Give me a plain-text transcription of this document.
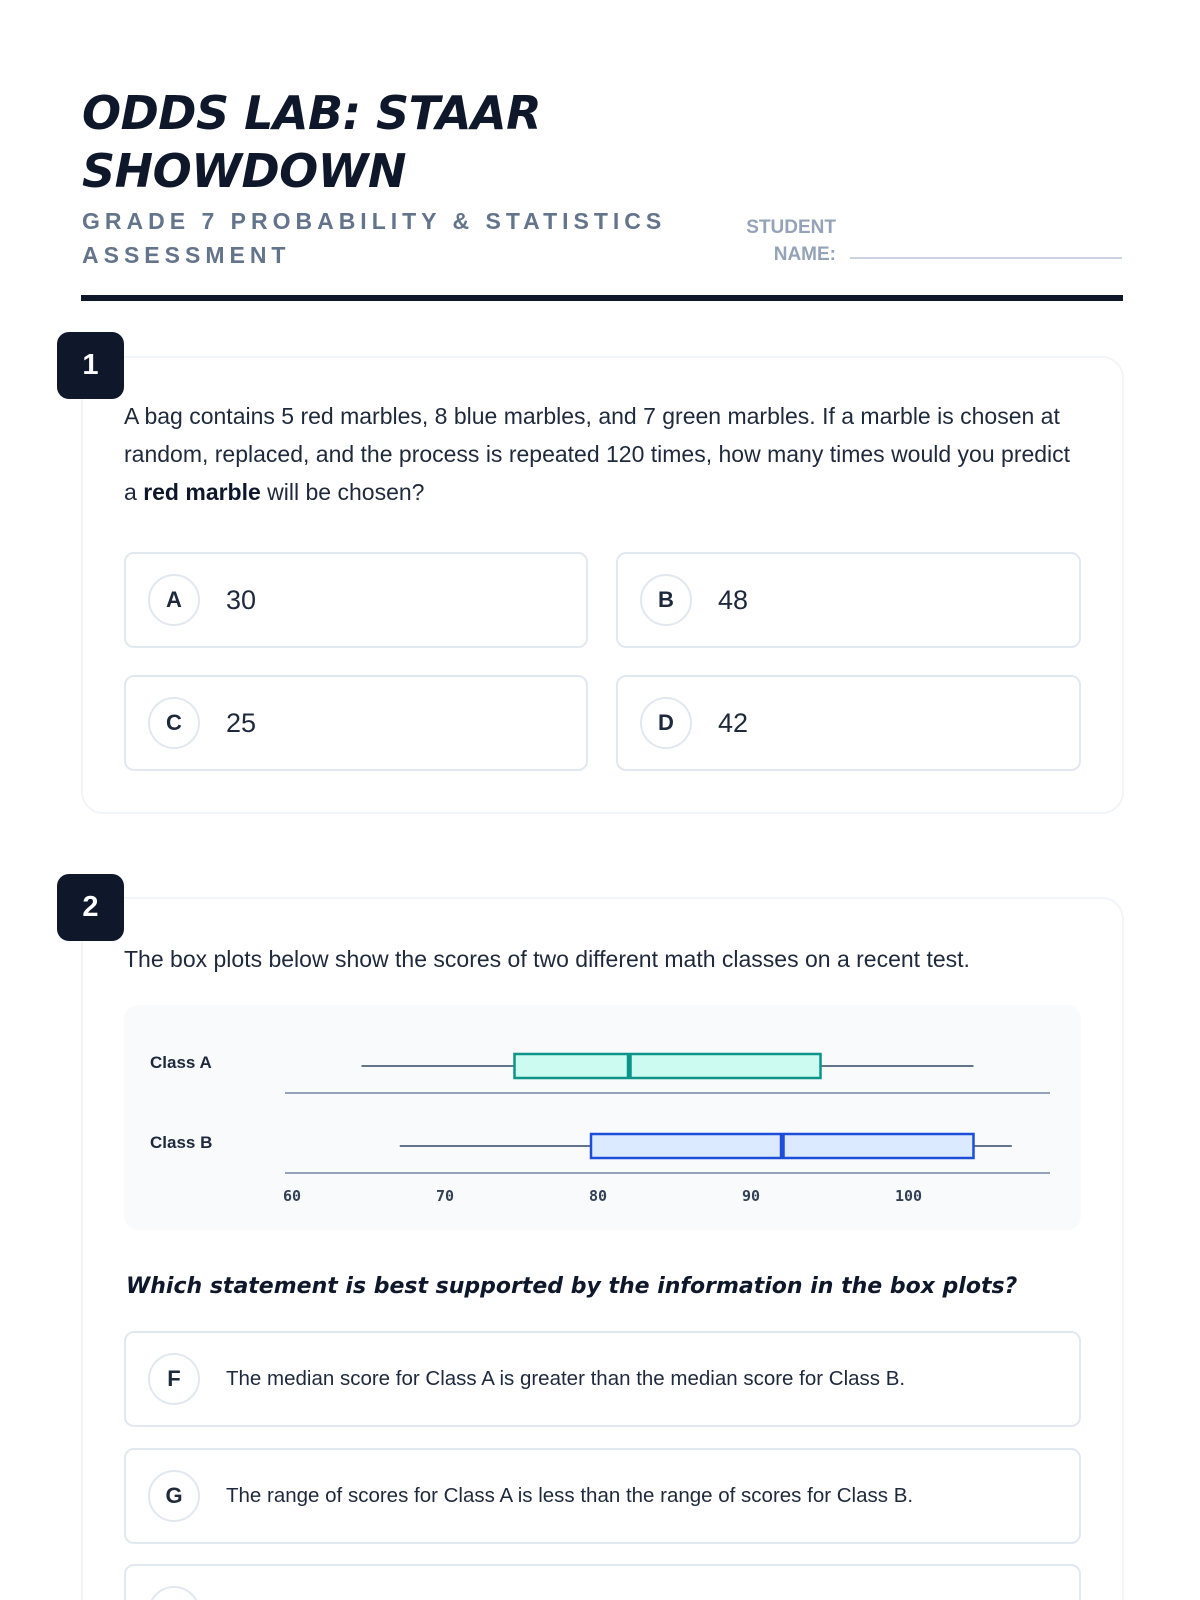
ODDS LAB: STAAR
SHOWDOWN
GRADE 7 PROBABILITY & STATISTICS
ASSESSMENT
STUDENT
NAME:
1
A bag contains 5 red marbles, 8 blue marbles, and 7 green marbles. If a marble is chosen at random, replaced, and the process is repeated 120 times, how many times would you predict a red marble will be chosen?
A	30	B	48
C	25	D	42
2
The box plots below show the scores of two different math classes on a recent test.
Class A
Class B
60	70	80	90	100
Which statement is best supported by the information in the box plots?
F	The median score for Class A is greater than the median score for Class B.
G	The range of scores for Class A is less than the range of scores for Class B.
